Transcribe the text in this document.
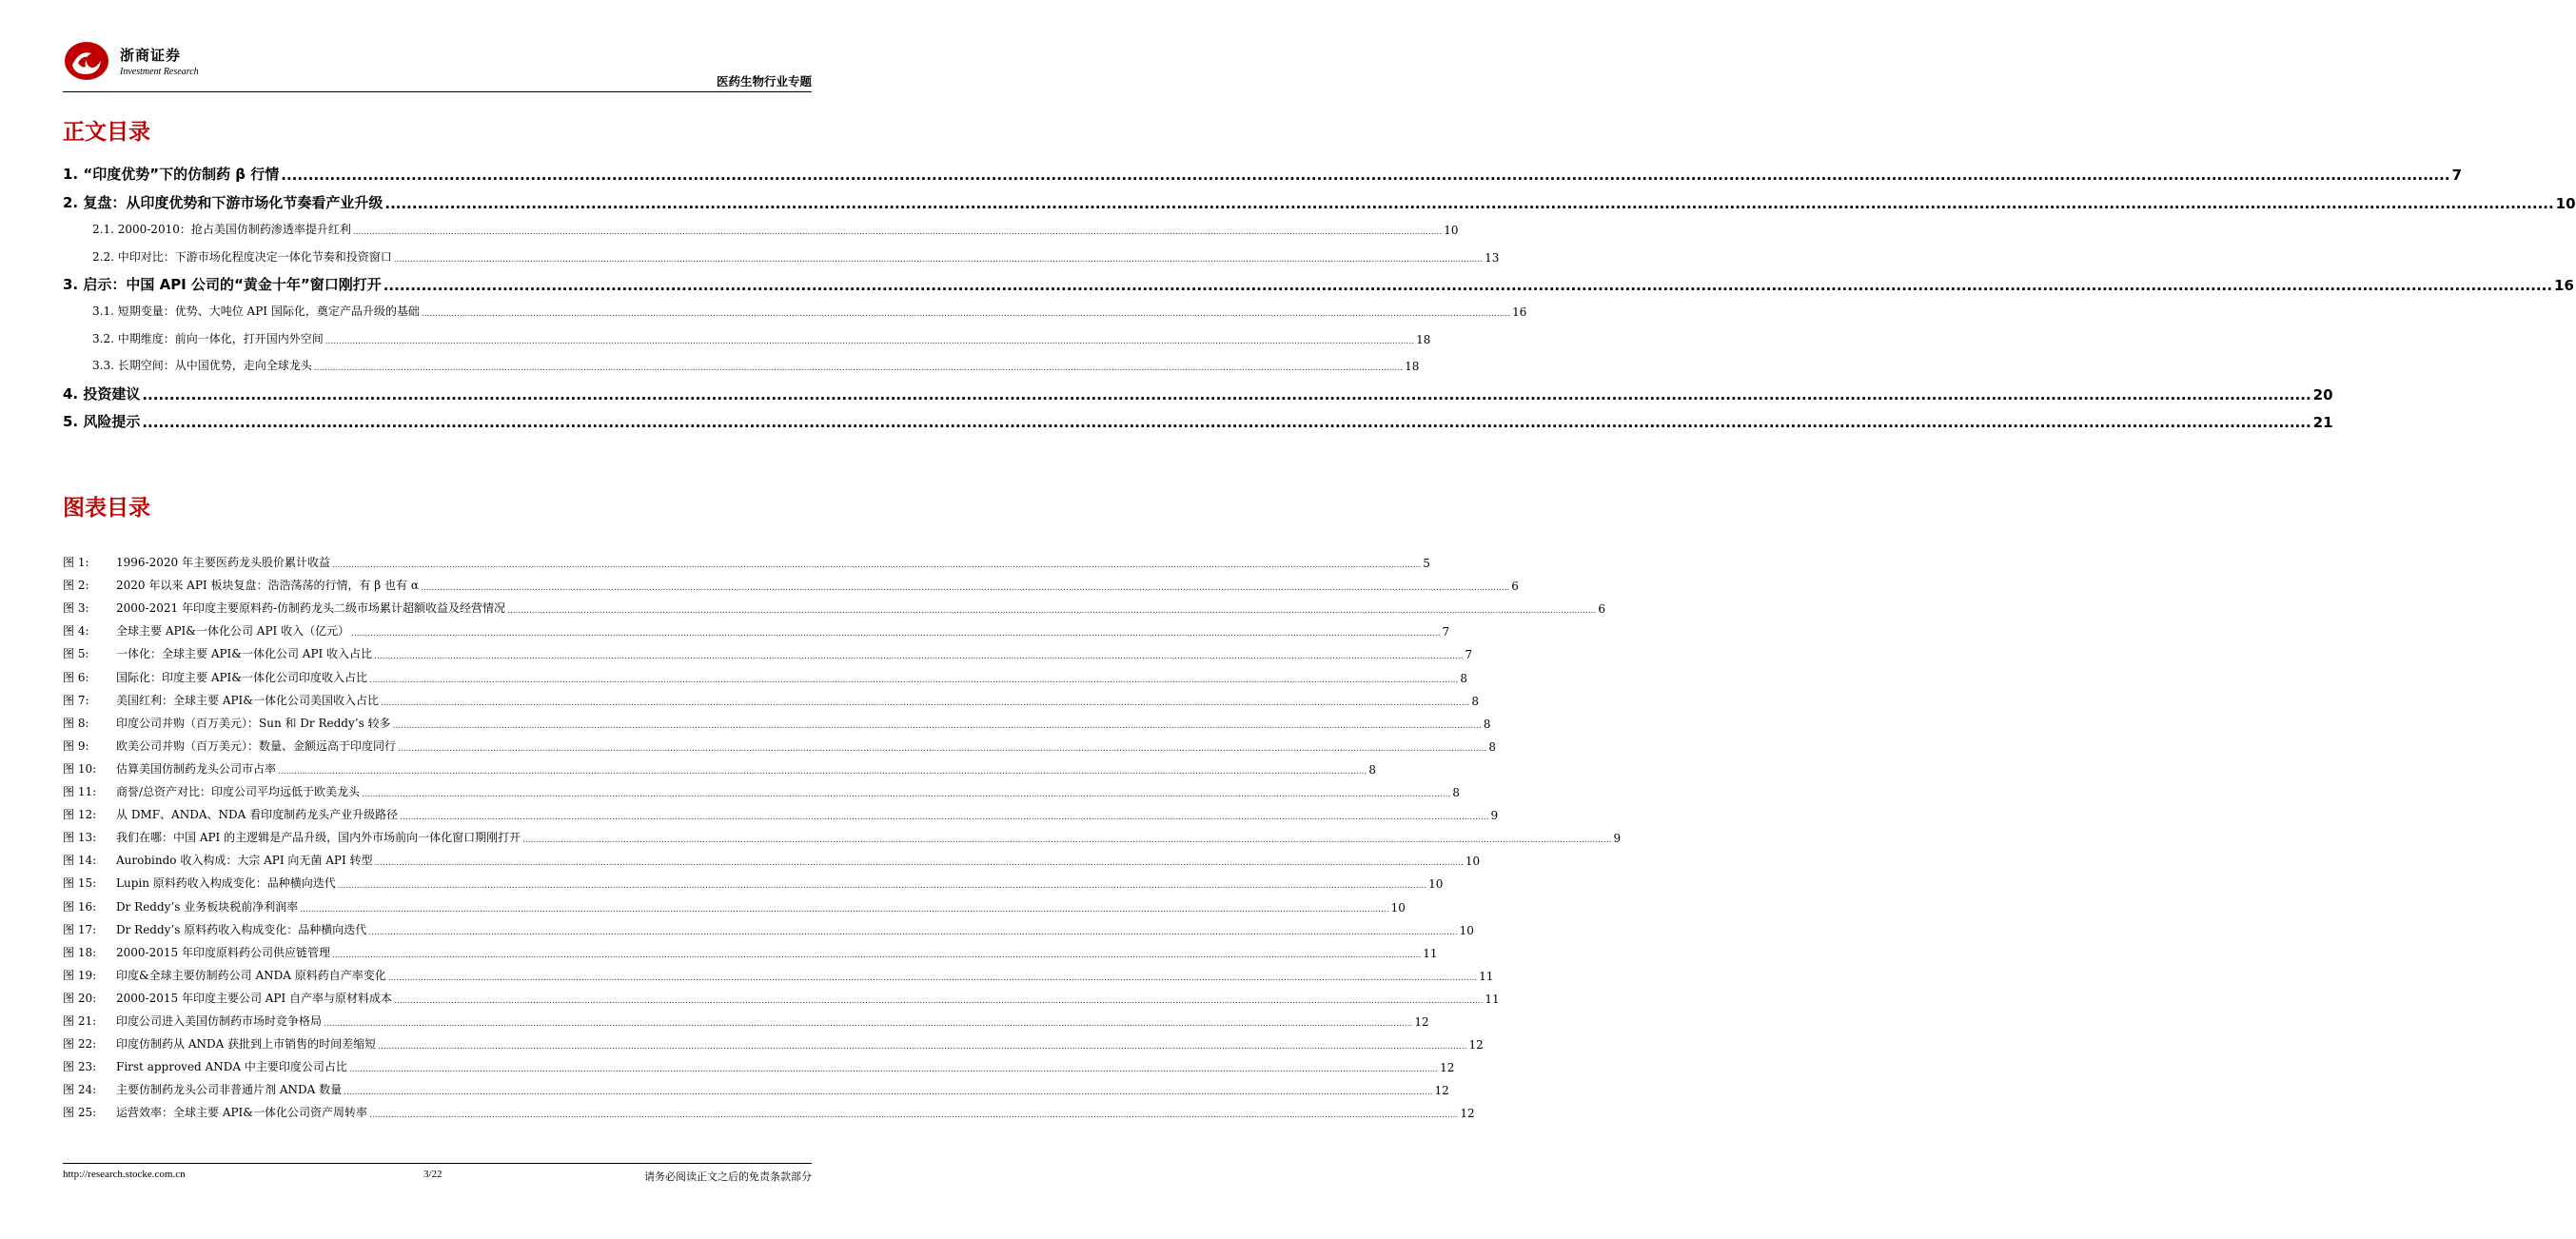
浙商证券
Investment Research
医药生物行业专题
正文目录
1. “印度优势”下的仿制药 β 行情 ................................................................................................................................................................................................................................................................................................................................................................................................................ 7
2. 复盘：从印度优势和下游市场化节奏看产业升级 ................................................................................................................................................................................................................................................................................................................................................................................................................ 10
2.1. 2000-2010：抢占美国仿制药渗透率提升红利 ................................................................................................................................................................................................................................................................................................................................................................................................................ 10
2.2. 中印对比：下游市场化程度决定一体化节奏和投资窗口 ................................................................................................................................................................................................................................................................................................................................................................................................................ 13
3. 启示：中国 API 公司的“黄金十年”窗口刚打开 ................................................................................................................................................................................................................................................................................................................................................................................................................ 16
3.1. 短期变量：优势、大吨位 API 国际化，奠定产品升级的基础 ................................................................................................................................................................................................................................................................................................................................................................................................................ 16
3.2. 中期维度：前向一体化，打开国内外空间 ................................................................................................................................................................................................................................................................................................................................................................................................................ 18
3.3. 长期空间：从中国优势，走向全球龙头 ................................................................................................................................................................................................................................................................................................................................................................................................................ 18
4. 投资建议 ................................................................................................................................................................................................................................................................................................................................................................................................................ 20
5. 风险提示 ................................................................................................................................................................................................................................................................................................................................................................................................................ 21
图表目录
图 1: 1996-2020 年主要医药龙头股价累计收益 ................................................................................................................................................................................................................................................................................................................................................................................................................ 5
图 2: 2020 年以来 API 板块复盘：浩浩荡荡的行情，有 β 也有 α ................................................................................................................................................................................................................................................................................................................................................................................................................ 6
图 3: 2000-2021 年印度主要原料药-仿制药龙头二级市场累计超额收益及经营情况 ................................................................................................................................................................................................................................................................................................................................................................................................................ 6
图 4: 全球主要 API&一体化公司 API 收入（亿元） ................................................................................................................................................................................................................................................................................................................................................................................................................ 7
图 5: 一体化：全球主要 API&一体化公司 API 收入占比 ................................................................................................................................................................................................................................................................................................................................................................................................................ 7
图 6: 国际化：印度主要 API&一体化公司印度收入占比 ................................................................................................................................................................................................................................................................................................................................................................................................................ 8
图 7: 美国红利：全球主要 API&一体化公司美国收入占比 ................................................................................................................................................................................................................................................................................................................................................................................................................ 8
图 8: 印度公司并购（百万美元）：Sun 和 Dr Reddy’s 较多 ................................................................................................................................................................................................................................................................................................................................................................................................................ 8
图 9: 欧美公司并购（百万美元）：数量、金额远高于印度同行 ................................................................................................................................................................................................................................................................................................................................................................................................................ 8
图 10: 估算美国仿制药龙头公司市占率 ................................................................................................................................................................................................................................................................................................................................................................................................................ 8
图 11: 商誉/总资产对比：印度公司平均远低于欧美龙头 ................................................................................................................................................................................................................................................................................................................................................................................................................ 8
图 12: 从 DMF、ANDA、NDA 看印度制药龙头产业升级路径 ................................................................................................................................................................................................................................................................................................................................................................................................................ 9
图 13: 我们在哪：中国 API 的主逻辑是产品升级，国内外市场前向一体化窗口期刚打开 ................................................................................................................................................................................................................................................................................................................................................................................................................ 9
图 14: Aurobindo 收入构成：大宗 API 向无菌 API 转型 ................................................................................................................................................................................................................................................................................................................................................................................................................ 10
图 15: Lupin 原料药收入构成变化：品种横向迭代 ................................................................................................................................................................................................................................................................................................................................................................................................................ 10
图 16: Dr Reddy’s 业务板块税前净利润率 ................................................................................................................................................................................................................................................................................................................................................................................................................ 10
图 17: Dr Reddy’s 原料药收入构成变化：品种横向迭代 ................................................................................................................................................................................................................................................................................................................................................................................................................ 10
图 18: 2000-2015 年印度原料药公司供应链管理 ................................................................................................................................................................................................................................................................................................................................................................................................................ 11
图 19: 印度&全球主要仿制药公司 ANDA 原料药自产率变化 ................................................................................................................................................................................................................................................................................................................................................................................................................ 11
图 20: 2000-2015 年印度主要公司 API 自产率与原材料成本 ................................................................................................................................................................................................................................................................................................................................................................................................................ 11
图 21: 印度公司进入美国仿制药市场时竞争格局 ................................................................................................................................................................................................................................................................................................................................................................................................................ 12
图 22: 印度仿制药从 ANDA 获批到上市销售的时间差缩短 ................................................................................................................................................................................................................................................................................................................................................................................................................ 12
图 23: First approved ANDA 中主要印度公司占比 ................................................................................................................................................................................................................................................................................................................................................................................................................ 12
图 24: 主要仿制药龙头公司非普通片剂 ANDA 数量 ................................................................................................................................................................................................................................................................................................................................................................................................................ 12
图 25: 运营效率：全球主要 API&一体化公司资产周转率 ................................................................................................................................................................................................................................................................................................................................................................................................................ 12
http://research.stocke.com.cn	3/22	请务必阅读正文之后的免责条款部分
